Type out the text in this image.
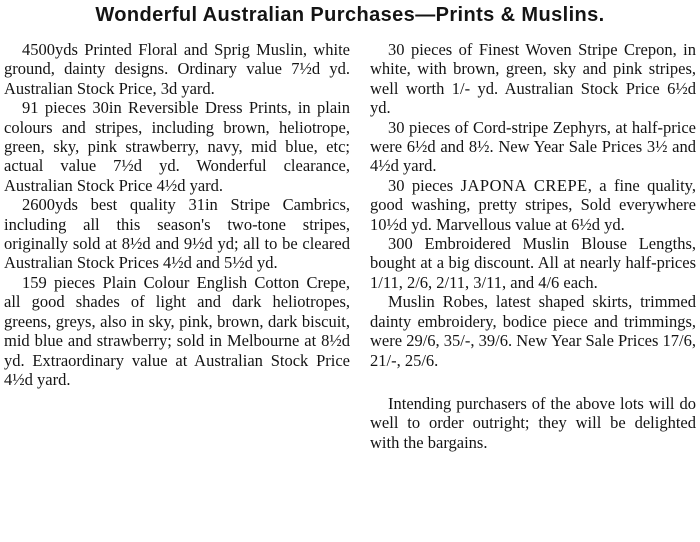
Wonderful Australian Purchases—Prints & Muslins.

4500yds Printed Floral and Sprig Muslin, white ground, dainty designs. Ordinary value 7½d yd. Australian Stock Price, 3d yard.

91 pieces 30in Reversible Dress Prints, in plain colours and stripes, including brown, heliotrope, green, sky, pink strawberry, navy, mid blue, etc; actual value 7½d yd. Wonderful clearance, Australian Stock Price 4½d yard.

2600yds best quality 31in Stripe Cambrics, including all this season's two-tone stripes, originally sold at 8½d and 9½d yd; all to be cleared Australian Stock Prices 4½d and 5½d yd.

159 pieces Plain Colour English Cotton Crepe, all good shades of light and dark heliotropes, greens, greys, also in sky, pink, brown, dark biscuit, mid blue and strawberry; sold in Melbourne at 8½d yd. Extraordinary value at Australian Stock Price 4½d yard.

30 pieces of Finest Woven Stripe Crepon, in white, with brown, green, sky and pink stripes, well worth 1/- yd. Australian Stock Price 6½d yd.

30 pieces of Cord-stripe Zephyrs, at half-price were 6½d and 8½. New Year Sale Prices 3½ and 4½d yard.

30 pieces JAPONA CREPE, a fine quality, good washing, pretty stripes, Sold everywhere 10½d yd. Marvellous value at 6½d yd.

300 Embroidered Muslin Blouse Lengths, bought at a big discount. All at nearly half-prices 1/11, 2/6, 2/11, 3/11, and 4/6 each.

Muslin Robes, latest shaped skirts, trimmed dainty embroidery, bodice piece and trimmings, were 29/6, 35/-, 39/6. New Year Sale Prices 17/6, 21/-, 25/6.

Intending purchasers of the above lots will do well to order outright; they will be delighted with the bargains.
